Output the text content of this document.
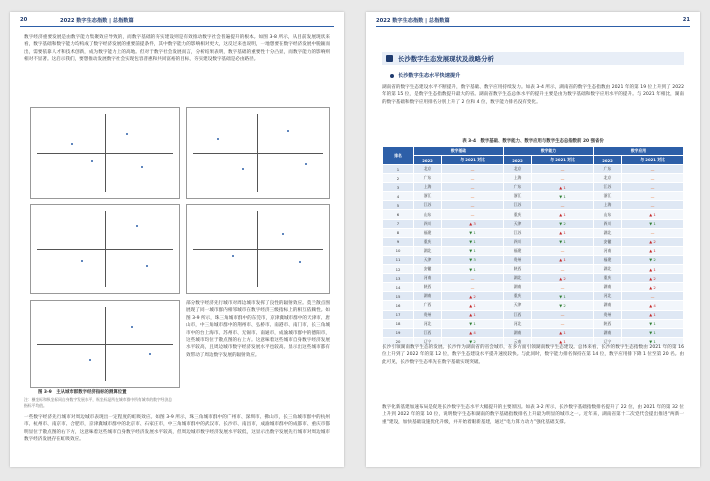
20	2022 数字生态指数 | 总指数篇
数字经济重要发展是由数字能力集聚效应导致的，而数字基础的夯实建设则是有效推动数字社会普遍提升的根本。如图 3-8 所示，从目前发展现状来看，数字基础和数字能力均构成了数字经济发展的重要前提条件，其中数字能力的影响相对更大，这反过来也说明，一地想要在数字经济发展中脱颖而出，需要依靠人才和技术创新，成为数字能力上的高地。但对于数字社会发展而言，分析结果表明，数字基础的重要性十分凸显，而数字能力的影响则相对不显著。这启示我们，要想推动发展数字社会实现包容普惠和共同富裕的目标，夯实建设数字基础是必由路径。
图 3-9　主从城市群数字经济指标的测算位置
注：横坐标和纵坐标同自身数字发展水平，纵坐标是所在城市群中所有城市的数字经济总指标平均值。
部分数字经济先行城市对周边城市发挥了良性的辐射效应。莫兰散点图展现了同一城市群内相邻城市在数字经济三级指标上的相互依赖性。如图 3-9 所示，珠三角城市群中的东莞市，京津冀城市群中的天津市、唐山市，中三角城市群中的荆州市、弘桥市、南港市、南门市，长三角城市中的台上海市、苏州市、无锡市、南通市，成渝城市群中的德阳市，这些城市均位于散点图的右上方。这意味着这些城市自身数字经济发展水平较高，且周边城市数字经济发展水平也较高。显示出这些城市都有效带动了周边数字发展的辐射效应。
一些数字经济先行城市对周边城市表现出一定程度的虹吸效应。如图 3-9 所示，珠三角城市群中的广州市、深圳市、佛山市，长三角城市群中的杭州市、杭州市、南京市、合肥市，京津冀城市群中的北京市、石家庄市，中三角城市群中的武汉市、长沙市、南昌市，成渝城市群中的成都市、重庆市都明显位于散点图的右下方，这意味着这些城市自身数字经济发展水平较高，但周边城市数字经济发展水平较低，这显示出数字发展先行城市对周边城市数字经济发展存在虹吸效应。
2022 数字生态指数 | 总指数篇	21
长沙数字生态发展现状及战略分析
长沙数字生态水平快速提升
湖南省的数字生态建设水平不断提升，数字基础、数字应用持续发力。如表 3-4 所示，湖南省的数字生态指数由 2021 年的第 19 位上升到了 2022 年的第 15 位，是数字生态指数提升最大的省。湖南省数字生态总体水平的提升主要是由为数字基础和数字应用水平的提升。与 2021 年相比，湖南的数字基础和数字应用排名分别上升了 2 位和 4 位，数字能力排名没有变化。
表 3-4　数字基础、数字能力、数字应用与数字生态总指数前 20 强省份
排名	数字基础		数字能力		数字应用	
	2022	与 2021 对比	2022	与 2021 对比	2022	与 2021 对比
1	北京	—	北京	—	广东	—
2	广东	—	上海	—	北京	—
3	上海	—	广东	▲ 1	江苏	—
4	浙江	—	浙江	▼ 1	浙江	—
5	江苏	—	江苏	—	上海	—
6	山东	—	重庆	▲ 1	山东	▲ 1
7	四川	▲ 3	天津	▼ 2	四川	▼ 1
8	福建	▼ 1	江苏	▲ 1	湖北	—
9	重庆	▼ 1	四川	▼ 1	安徽	▲ 2
10	湖北	▼ 1	福建	—	河南	▲ 1
11	天津	▼ 3	贵州	▲ 1	福建	▼ 2
12	安徽	▼ 1	陕西	—	湖北	▲ 1
13	河南	—	湖北	▲ 2	重庆	▲ 2
14	陕西	—	湖南	—	湖南	▲ 2
15	湖南	▲ 2	重庆	▼ 1	河北	—
16	广西	▲ 1	天津	▼ 2	湖南	▲ 4
17	贵州	▲ 1	江西	—	贵州	▲ 1
18	河北	▼ 1	河北	—	陕西	▼ 1
19	江西	▲ 4	湖南	▲ 1	湖南	▼ 1
20	辽宁	▼ 2	云南	▲ 1	辽宁	▼ 1
长沙引领湖南数字生态的发展。长沙作为湖南省的省会城市，在多方面引领湖南数字生态建设。总体来看，长沙的数字生态指数由 2021 年的第 16 位上升到了 2022 年的第 12 位，数字生态建设水平提升速度较快。与此同时，数字能力排名保持在第 14 位，数字应用排下降 1 位至第 20 名。由此可见，长沙数字生态率先在数字基础实现突破。
数字化新基建加速布局是促进长沙数字生态水平大幅提升的主要原因。如表 3-2 所示，长沙数字基础指数排名提升了 22 位，由 2021 年的第 32 位上升到 2022 年的第 10 位，说明数字生态和湖南的数字基础指数排名上升最为明显的城市之一。近年来，湖南省第十二次党代会提出推进“两新一重”建设，加快基础设施优化升级，并开始着眼新基建，通过“电力算力动力”强化基础支撑。
